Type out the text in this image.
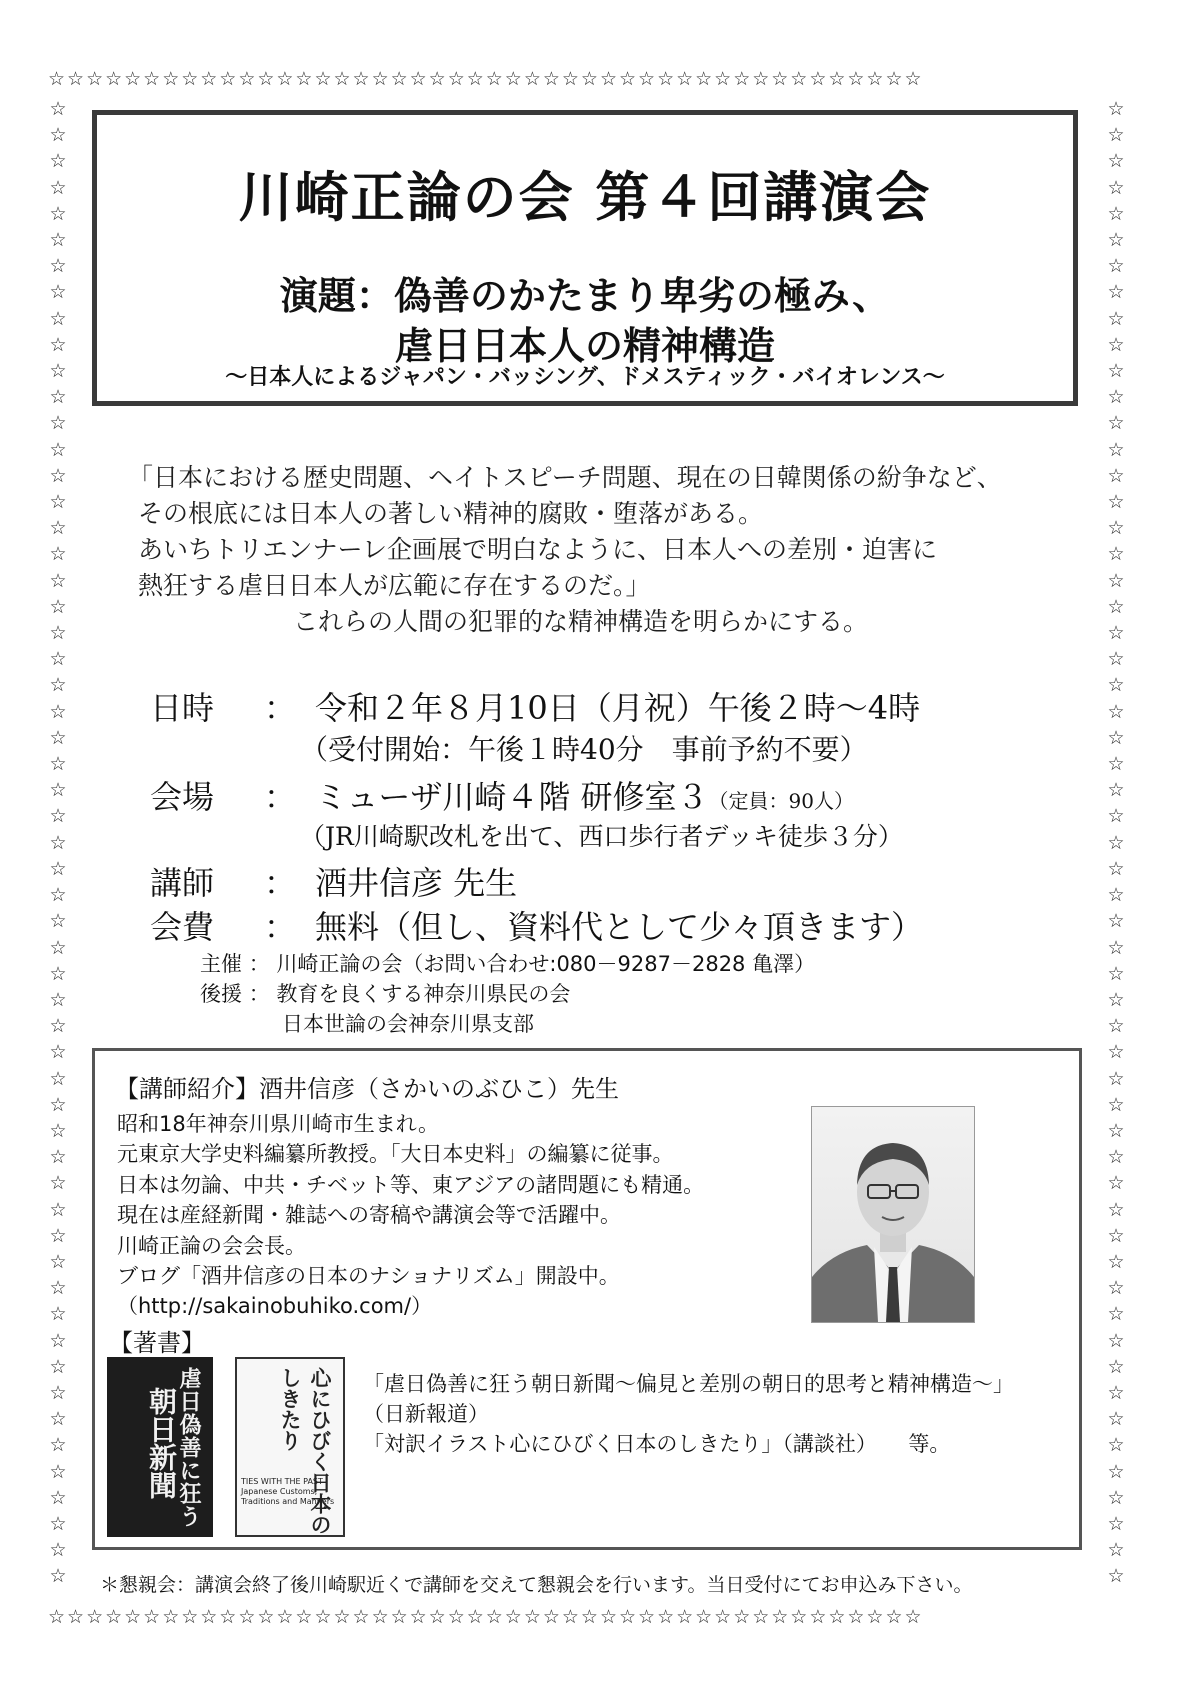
☆☆☆☆☆☆☆☆☆☆☆☆☆☆☆☆☆☆☆☆☆☆☆☆☆☆☆☆☆☆☆☆☆☆☆☆☆☆☆☆☆☆☆☆☆☆
☆☆☆☆☆☆☆☆☆☆☆☆☆☆☆☆☆☆☆☆☆☆☆☆☆☆☆☆☆☆☆☆☆☆☆☆☆☆☆☆☆☆☆☆☆☆
☆☆☆☆☆☆☆☆☆☆☆☆☆☆☆☆☆☆☆☆☆☆☆☆☆☆☆☆☆☆☆☆☆☆☆☆☆☆☆☆☆☆☆☆☆☆☆☆☆☆☆☆☆☆☆☆☆
☆☆☆☆☆☆☆☆☆☆☆☆☆☆☆☆☆☆☆☆☆☆☆☆☆☆☆☆☆☆☆☆☆☆☆☆☆☆☆☆☆☆☆☆☆☆☆☆☆☆☆☆☆☆☆☆☆
川崎正論の会 第４回講演会
演題：偽善のかたまり卑劣の極み、
虐日日本人の精神構造
～日本人によるジャパン・バッシング、ドメスティック・バイオレンス～
「日本における歴史問題、ヘイトスピーチ問題、現在の日韓関係の紛争など、
その根底には日本人の著しい精神的腐敗・堕落がある。
あいちトリエンナーレ企画展で明白なように、日本人への差別・迫害に
熱狂する虐日日本人が広範に存在するのだ。」
これらの人間の犯罪的な精神構造を明らかにする。
日時 ： 令和２年８月10日（月祝）午後２時～4時
（受付開始：午後１時40分　事前予約不要）
会場 ： ミューザ川崎４階 研修室３（定員：90人）
（JR川崎駅改札を出て、西口歩行者デッキ徒歩３分）
講師 ： 酒井信彦 先生
会費 ： 無料（但し、資料代として少々頂きます）
主催 ： 川崎正論の会（お問い合わせ:080－9287－2828 亀澤）
後援 ： 教育を良くする神奈川県民の会
日本世論の会神奈川県支部
【講師紹介】酒井信彦（さかいのぶひこ）先生
昭和18年神奈川県川崎市生まれ。
元東京大学史料編纂所教授。「大日本史料」の編纂に従事。
日本は勿論、中共・チベット等、東アジアの諸問題にも精通。
現在は産経新聞・雑誌への寄稿や講演会等で活躍中。
川崎正論の会会長。
ブログ「酒井信彦の日本のナショナリズム」開設中。
（http://sakainobuhiko.com/）
【著書】
虐日偽善に狂う
朝日新聞	心にひびく日本のしきたり
TIES WITH THE PAST Japanese Customs, Traditions and Manners
「虐日偽善に狂う朝日新聞～偏見と差別の朝日的思考と精神構造～」
（日新報道）
「対訳イラスト心にひびく日本のしきたり」（講談社）　　等。
＊懇親会：講演会終了後川崎駅近くで講師を交えて懇親会を行います。当日受付にてお申込み下さい。
